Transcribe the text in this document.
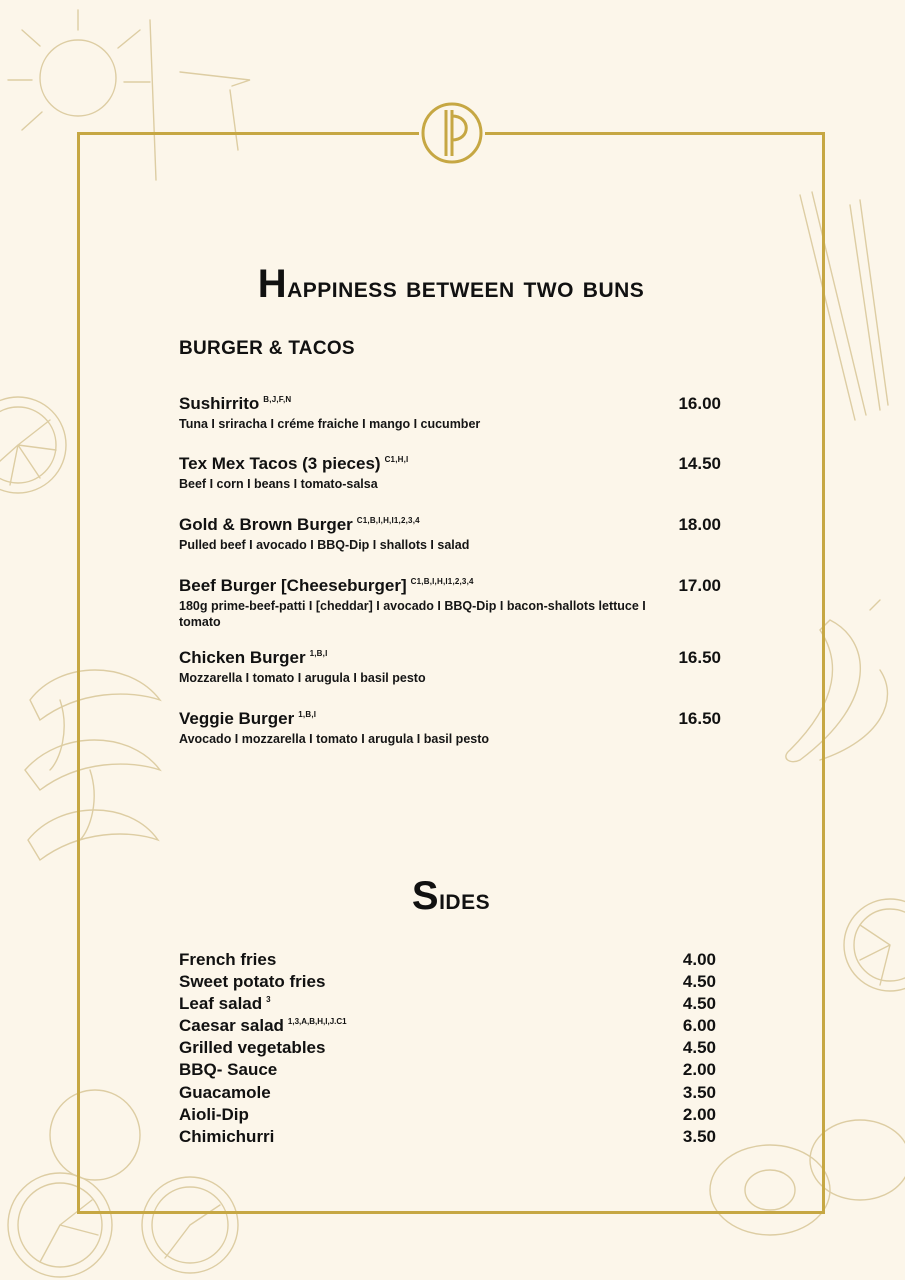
Happiness between two buns
BURGER & TACOS
Sushirrito $^{B,J,F,N}$	16.00
Tuna I sriracha I créme fraiche I mango I cucumber
Tex Mex Tacos (3 pieces) $^{C1,H,I}$	14.50
Beef I corn I beans I tomato-salsa
Gold & Brown Burger $^{C1,B,I,H,I1,2,3,4}$	18.00
Pulled beef I avocado I BBQ-Dip I shallots I salad
Beef Burger [Cheeseburger] $^{C1,B,I,H,I1,2,3,4}$	17.00
180g prime-beef-patti I [cheddar] I avocado I BBQ-Dip I bacon-shallots lettuce I tomato
Chicken Burger $^{1,B,I}$	16.50
Mozzarella I tomato I arugula I basil pesto
Veggie Burger $^{1,B,I}$	16.50
Avocado I mozzarella I tomato I arugula I basil pesto
Sides
French fries	4.00
Sweet potato fries	4.50
Leaf salad $^3$	4.50
Caesar salad $^{1,3,A,B,H,I,J.C1}$	6.00
Grilled vegetables	4.50
BBQ- Sauce	2.00
Guacamole	3.50
Aioli-Dip	2.00
Chimichurri	3.50
